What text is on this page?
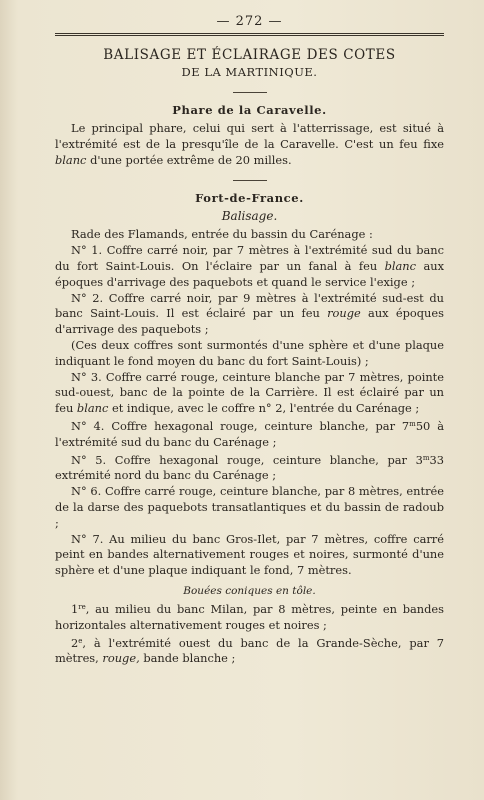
— 272 —
BALISAGE ET ÉCLAIRAGE DES COTES
DE LA MARTINIQUE.
Phare de la Caravelle.

Le principal phare, celui qui sert à l'atterrissage, est situé à l'extrémité est de la presqu'île de la Caravelle. C'est un feu fixe blanc d'une portée extrême de 20 milles.

Fort-de-France.
Balisage.

Rade des Flamands, entrée du bassin du Carénage :

N° 1. Coffre carré noir, par 7 mètres à l'extrémité sud du banc du fort Saint-Louis. On l'éclaire par un fanal à feu blanc aux époques d'arrivage des paquebots et quand le service l'exige ;

N° 2. Coffre carré noir, par 9 mètres à l'extrémité sud-est du banc Saint-Louis. Il est éclairé par un feu rouge aux époques d'arrivage des paquebots ;

(Ces deux coffres sont surmontés d'une sphère et d'une plaque indiquant le fond moyen du banc du fort Saint-Louis) ;

N° 3. Coffre carré rouge, ceinture blanche par 7 mètres, pointe sud-ouest, banc de la pointe de la Carrière. Il est éclairé par un feu blanc et indique, avec le coffre n° 2, l'entrée du Carénage ;

N° 4. Coffre hexagonal rouge, ceinture blanche, par 7$^m$50 à l'extrémité sud du banc du Carénage ;

N° 5. Coffre hexagonal rouge, ceinture blanche, par 3$^m$33 extrémité nord du banc du Carénage ;

N° 6. Coffre carré rouge, ceinture blanche, par 8 mètres, entrée de la darse des paquebots transatlantiques et du bassin de radoub ;

N° 7. Au milieu du banc Gros-Ilet, par 7 mètres, coffre carré peint en bandes alternativement rouges et noires, surmonté d'une sphère et d'une plaque indiquant le fond, 7 mètres.

Bouées coniques en tôle.

1re, au milieu du banc Milan, par 8 mètres, peinte en bandes horizontales alternativement rouges et noires ;

2e, à l'extrémité ouest du banc de la Grande-Sèche, par 7 mètres, rouge, bande blanche ;
